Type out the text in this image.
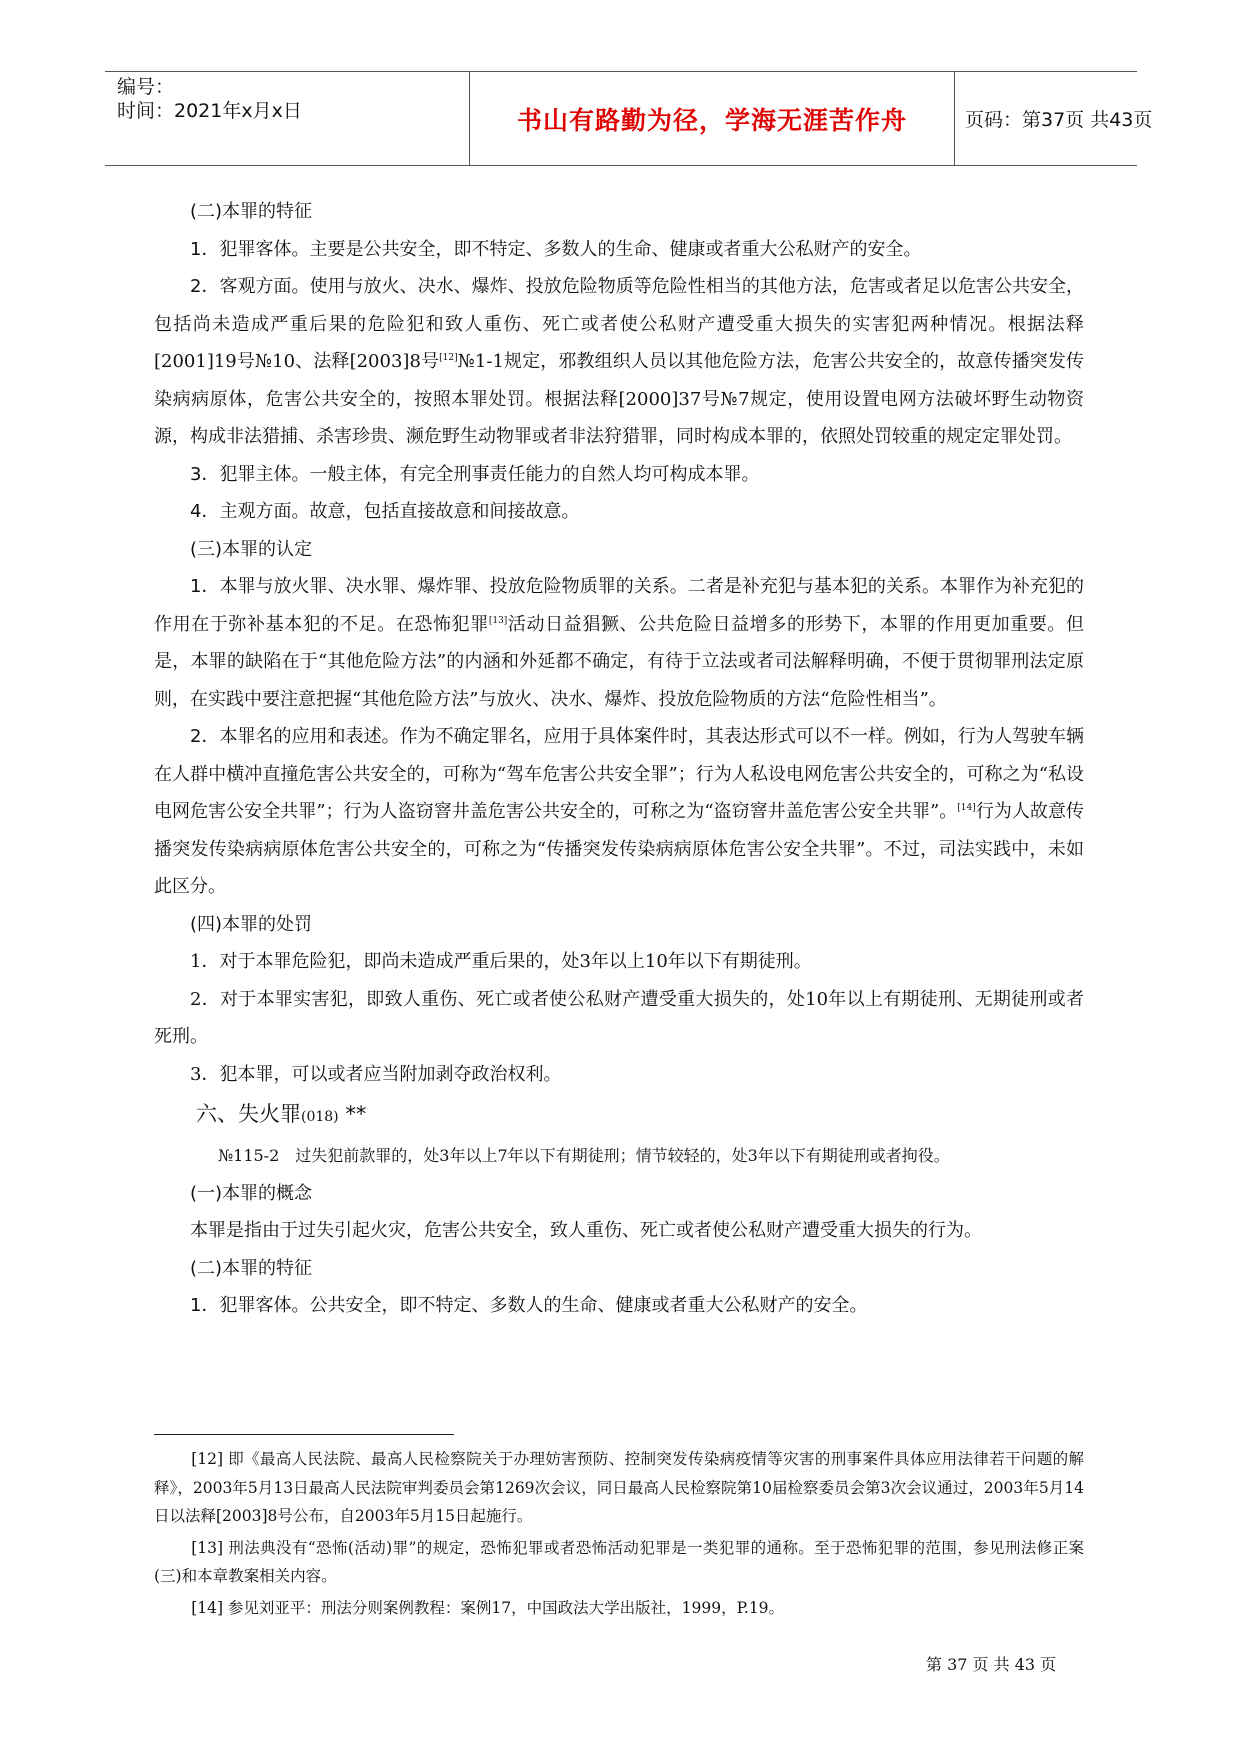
编号：
时间：2021年x月x日	书山有路勤为径，学海无涯苦作舟	页码：第37页 共43页

(二)本罪的特征

1．犯罪客体。主要是公共安全，即不特定、多数人的生命、健康或者重大公私财产的安全。

2．客观方面。使用与放火、决水、爆炸、投放危险物质等危险性相当的其他方法，危害或者足以危害公共安全，包括尚未造成严重后果的危险犯和致人重伤、死亡或者使公私财产遭受重大损失的实害犯两种情况。根据法释[2001]19号№10、法释[2003]8号[12]№1-1规定，邪教组织人员以其他危险方法，危害公共安全的，故意传播突发传染病病原体，危害公共安全的，按照本罪处罚。根据法释[2000]37号№7规定，使用设置电网方法破坏野生动物资源，构成非法猎捕、杀害珍贵、濒危野生动物罪或者非法狩猎罪，同时构成本罪的，依照处罚较重的规定定罪处罚。

3．犯罪主体。一般主体，有完全刑事责任能力的自然人均可构成本罪。

4．主观方面。故意，包括直接故意和间接故意。

(三)本罪的认定

1．本罪与放火罪、决水罪、爆炸罪、投放危险物质罪的关系。二者是补充犯与基本犯的关系。本罪作为补充犯的作用在于弥补基本犯的不足。在恐怖犯罪[13]活动日益猖獗、公共危险日益增多的形势下，本罪的作用更加重要。但是，本罪的缺陷在于“其他危险方法”的内涵和外延都不确定，有待于立法或者司法解释明确，不便于贯彻罪刑法定原则，在实践中要注意把握“其他危险方法”与放火、决水、爆炸、投放危险物质的方法“危险性相当”。

2．本罪名的应用和表述。作为不确定罪名，应用于具体案件时，其表达形式可以不一样。例如，行为人驾驶车辆在人群中横冲直撞危害公共安全的，可称为“驾车危害公共安全罪”；行为人私设电网危害公共安全的，可称之为“私设电网危害公安全共罪”；行为人盗窃窨井盖危害公共安全的，可称之为“盗窃窨井盖危害公安全共罪”。[14]行为人故意传播突发传染病病原体危害公共安全的，可称之为“传播突发传染病病原体危害公安全共罪”。不过，司法实践中，未如此区分。

(四)本罪的处罚

1．对于本罪危险犯，即尚未造成严重后果的，处3年以上10年以下有期徒刑。

2．对于本罪实害犯，即致人重伤、死亡或者使公私财产遭受重大损失的，处10年以上有期徒刑、无期徒刑或者死刑。

3．犯本罪，可以或者应当附加剥夺政治权利。

六、失火罪(018) **

№115-2　过失犯前款罪的，处3年以上7年以下有期徒刑；情节较轻的，处3年以下有期徒刑或者拘役。

(一)本罪的概念

本罪是指由于过失引起火灾，危害公共安全，致人重伤、死亡或者使公私财产遭受重大损失的行为。

(二)本罪的特征

1．犯罪客体。公共安全，即不特定、多数人的生命、健康或者重大公私财产的安全。

[12] 即《最高人民法院、最高人民检察院关于办理妨害预防、控制突发传染病疫情等灾害的刑事案件具体应用法律若干问题的解释》，2003年5月13日最高人民法院审判委员会第1269次会议，同日最高人民检察院第10届检察委员会第3次会议通过，2003年5月14日以法释[2003]8号公布，自2003年5月15日起施行。

[13] 刑法典没有“恐怖(活动)罪”的规定，恐怖犯罪或者恐怖活动犯罪是一类犯罪的通称。至于恐怖犯罪的范围，参见刑法修正案(三)和本章教案相关内容。

[14] 参见刘亚平：刑法分则案例教程：案例17，中国政法大学出版社，1999，P.19。

第 37 页 共 43 页
